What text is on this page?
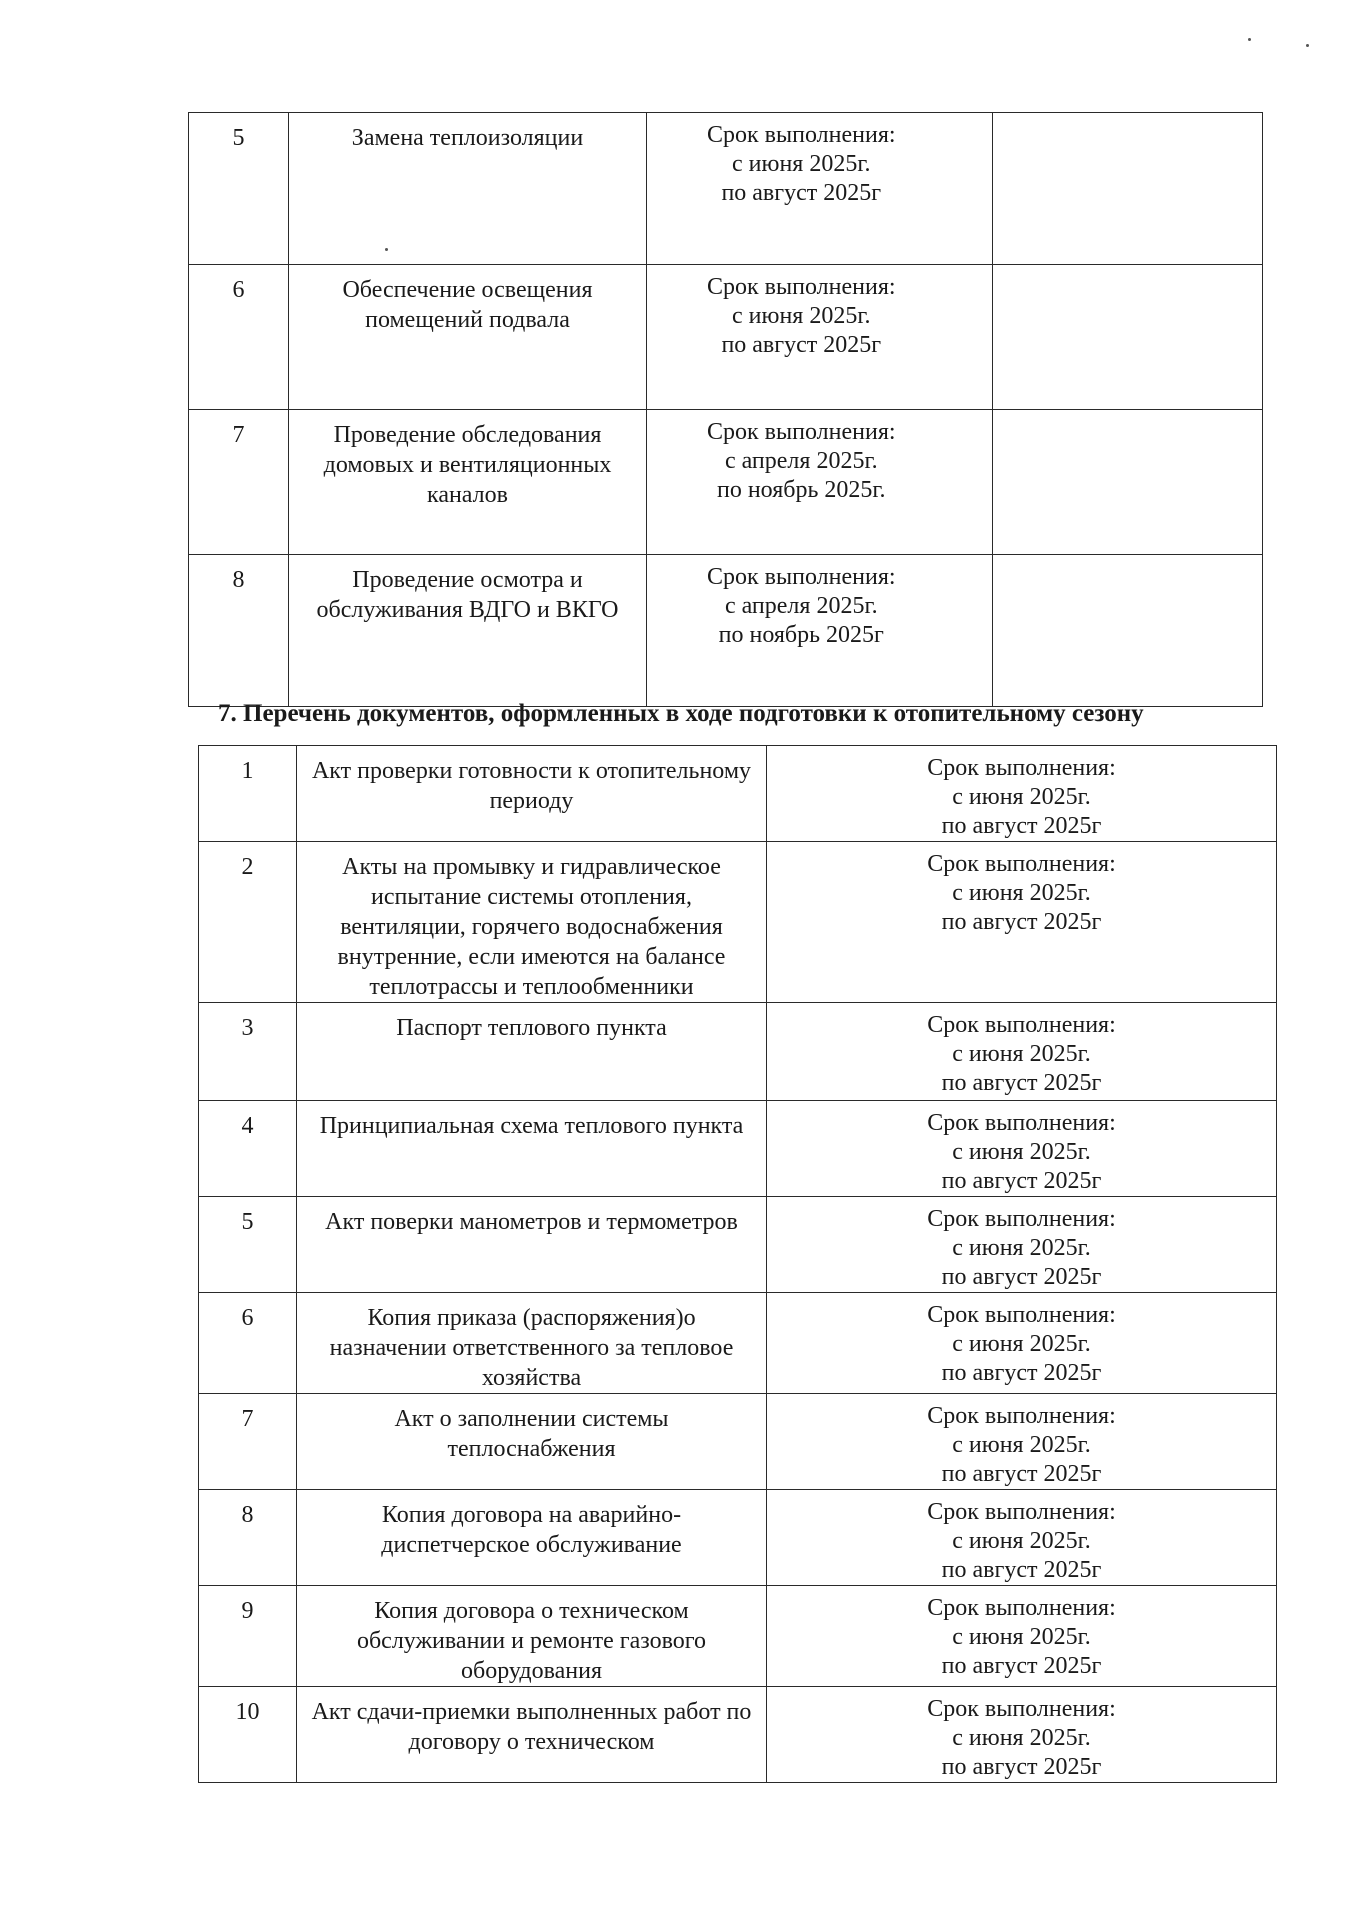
5	Замена теплоизоляции	Срок выполнения:
с июня 2025г.
по август 2025г	

6	Обеспечение освещения помещений подвала	Срок выполнения:
с июня 2025г.
по август 2025г	

7	Проведение обследования домовых и вентиляционных каналов	Срок выполнения:
с апреля 2025г.
по ноябрь 2025г.	

8	Проведение осмотра и обслуживания ВДГО и ВКГО	Срок выполнения:
с апреля 2025г.
по ноябрь 2025г	

7. Перечень документов, оформленных в ходе подготовки к отопительному сезону
1	Акт проверки готовности к отопительному периоду	Срок выполнения:
с июня 2025г.
по август 2025г

2	Акты на промывку и гидравлическое испытание системы отопления, вентиляции, горячего водоснабжения внутренние, если имеются на балансе теплотрассы и теплообменники	Срок выполнения:
с июня 2025г.
по август 2025г

3	Паспорт теплового пункта	Срок выполнения:
с июня 2025г.
по август 2025г

4	Принципиальная схема теплового пункта	Срок выполнения:
с июня 2025г.
по август 2025г

5	Акт поверки манометров и термометров	Срок выполнения:
с июня 2025г.
по август 2025г

6	Копия приказа (распоряжения)о назначении ответственного за тепловое хозяйства	Срок выполнения:
с июня 2025г.
по август 2025г

7	Акт о заполнении системы теплоснабжения	Срок выполнения:
с июня 2025г.
по август 2025г

8	Копия договора на аварийно-диспетчерское обслуживание	Срок выполнения:
с июня 2025г.
по август 2025г

9	Копия договора о техническом обслуживании и ремонте газового оборудования	Срок выполнения:
с июня 2025г.
по август 2025г

10	Акт сдачи-приемки выполненных работ по договору о техническом	Срок выполнения:
с июня 2025г.
по август 2025г
